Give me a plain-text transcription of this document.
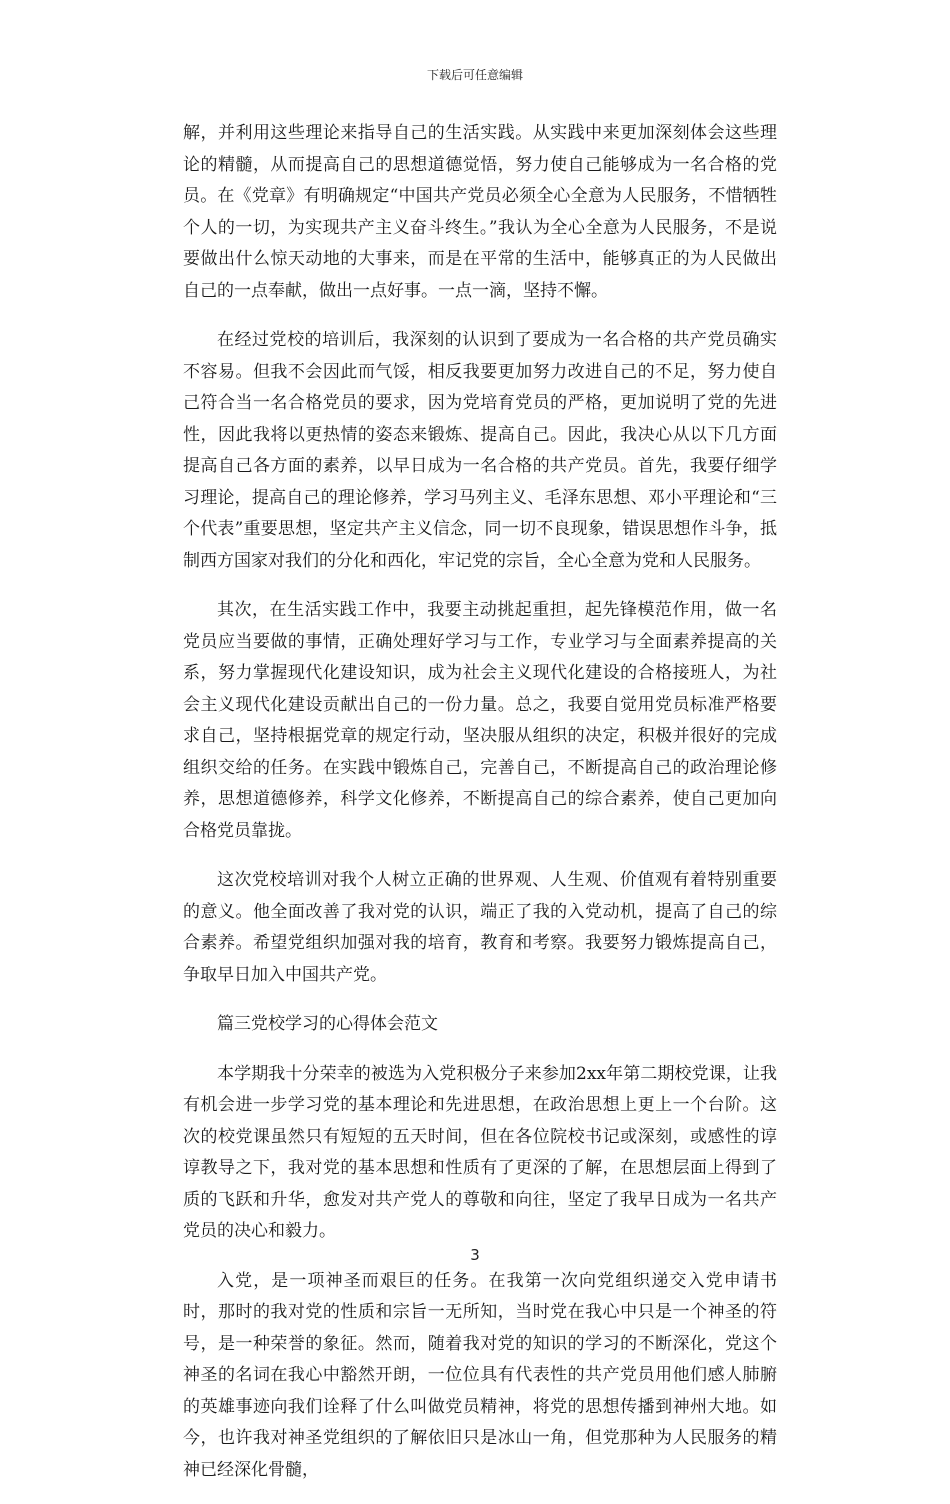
下载后可任意编辑

解，并利用这些理论来指导自己的生活实践。从实践中来更加深刻体会这些理论的精髓，从而提高自己的思想道德觉悟，努力使自己能够成为一名合格的党员。在《党章》有明确规定“中国共产党员必须全心全意为人民服务，不惜牺牲个人的一切，为实现共产主义奋斗终生。”我认为全心全意为人民服务，不是说要做出什么惊天动地的大事来，而是在平常的生活中，能够真正的为人民做出自己的一点奉献，做出一点好事。一点一滴，坚持不懈。

在经过党校的培训后，我深刻的认识到了要成为一名合格的共产党员确实不容易。但我不会因此而气馁，相反我要更加努力改进自己的不足，努力使自己符合当一名合格党员的要求，因为党培育党员的严格，更加说明了党的先进性，因此我将以更热情的姿态来锻炼、提高自己。因此，我决心从以下几方面提高自己各方面的素养，以早日成为一名合格的共产党员。首先，我要仔细学习理论，提高自己的理论修养，学习马列主义、毛泽东思想、邓小平理论和“三个代表”重要思想，坚定共产主义信念，同一切不良现象，错误思想作斗争，抵制西方国家对我们的分化和西化，牢记党的宗旨，全心全意为党和人民服务。

其次，在生活实践工作中，我要主动挑起重担，起先锋模范作用，做一名党员应当要做的事情，正确处理好学习与工作，专业学习与全面素养提高的关系，努力掌握现代化建设知识，成为社会主义现代化建设的合格接班人，为社会主义现代化建设贡献出自己的一份力量。总之，我要自觉用党员标准严格要求自己，坚持根据党章的规定行动，坚决服从组织的决定，积极并很好的完成组织交给的任务。在实践中锻炼自己，完善自己，不断提高自己的政治理论修养，思想道德修养，科学文化修养，不断提高自己的综合素养，使自己更加向合格党员靠拢。

这次党校培训对我个人树立正确的世界观、人生观、价值观有着特别重要的意义。他全面改善了我对党的认识，端正了我的入党动机，提高了自己的综合素养。希望党组织加强对我的培育，教育和考察。我要努力锻炼提高自己，争取早日加入中国共产党。

篇三党校学习的心得体会范文

本学期我十分荣幸的被选为入党积极分子来参加2xx年第二期校党课，让我有机会进一步学习党的基本理论和先进思想，在政治思想上更上一个台阶。这次的校党课虽然只有短短的五天时间，但在各位院校书记或深刻，或感性的谆谆教导之下，我对党的基本思想和性质有了更深的了解，在思想层面上得到了质的飞跃和升华，愈发对共产党人的尊敬和向往，坚定了我早日成为一名共产党员的决心和毅力。

入党，是一项神圣而艰巨的任务。在我第一次向党组织递交入党申请书时，那时的我对党的性质和宗旨一无所知，当时党在我心中只是一个神圣的符号，是一种荣誉的象征。然而，随着我对党的知识的学习的不断深化，党这个神圣的名词在我心中豁然开朗，一位位具有代表性的共产党员用他们感人肺腑的英雄事迹向我们诠释了什么叫做党员精神，将党的思想传播到神州大地。如今，也许我对神圣党组织的了解依旧只是冰山一角，但党那种为人民服务的精神已经深化骨髓，

3
